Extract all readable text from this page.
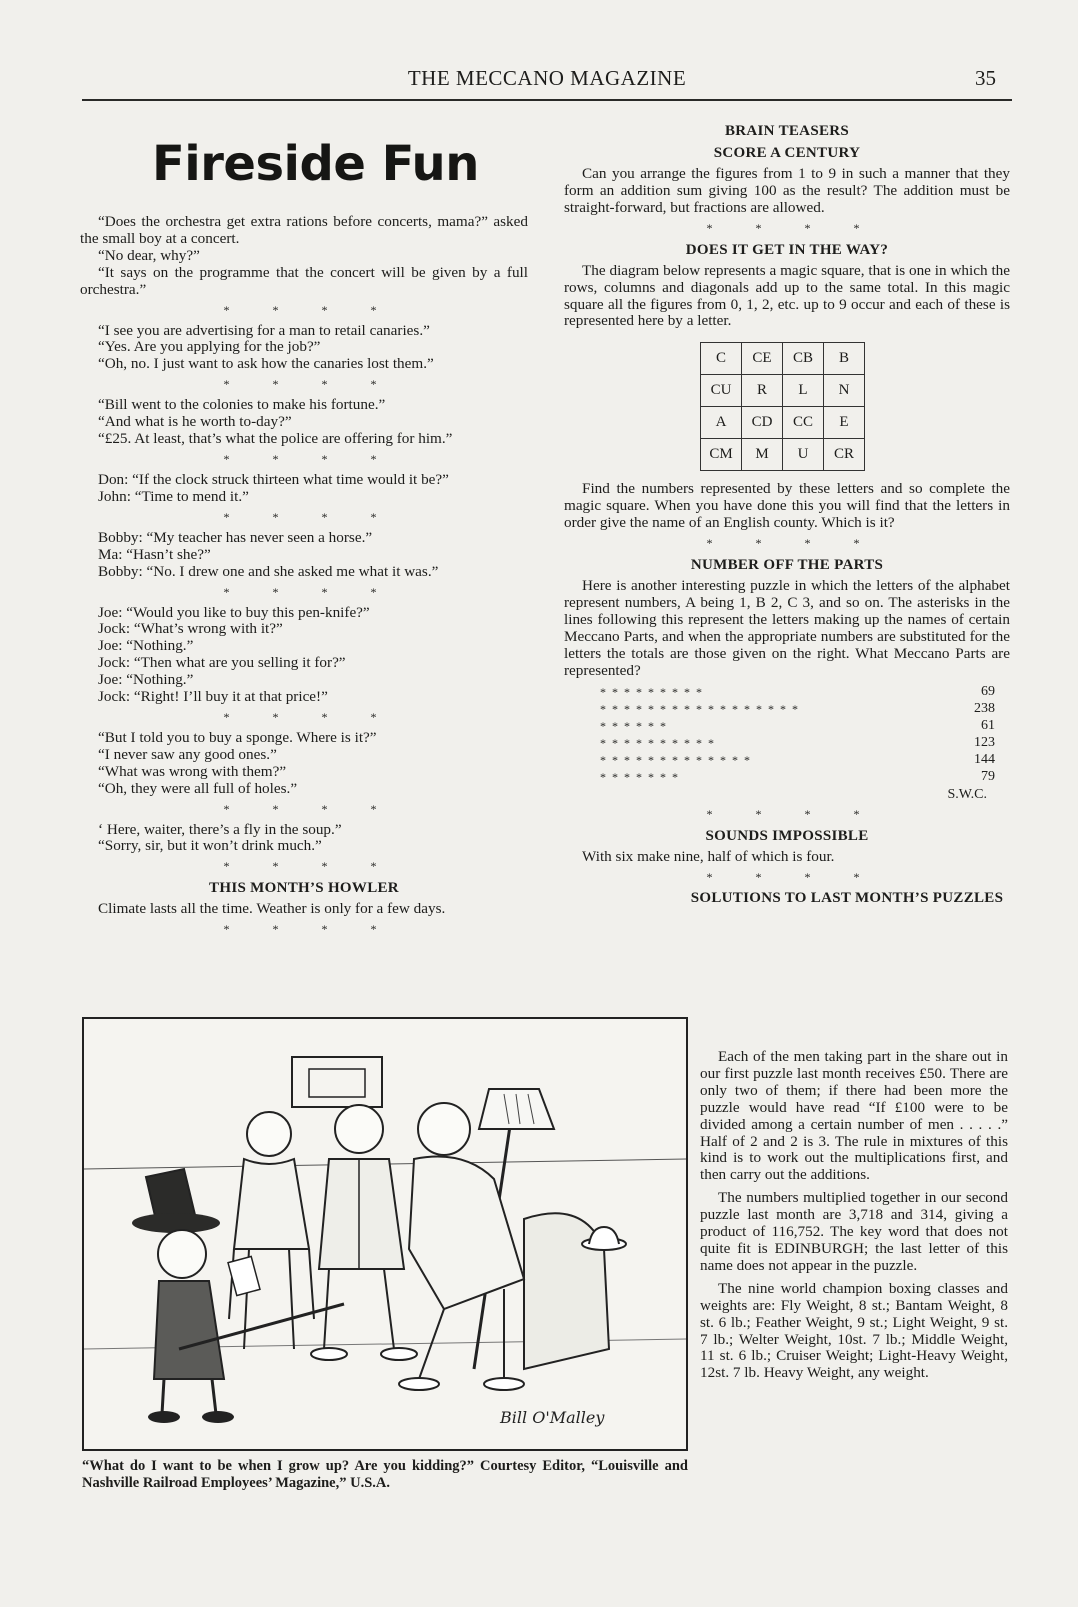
THE MECCANO MAGAZINE	35
Fireside Fun

“Does the orchestra get extra rations before concerts, mama?” asked the small boy at a concert.

“No dear, why?”

“It says on the programme that the concert will be given by a full orchestra.”

* * * *

“I see you are advertising for a man to retail canaries.”

“Yes. Are you applying for the job?”

“Oh, no. I just want to ask how the canaries lost them.”

* * * *

“Bill went to the colonies to make his fortune.”

“And what is he worth to-day?”

“£25. At least, that’s what the police are offering for him.”

* * * *

Don: “If the clock struck thirteen what time would it be?”

John: “Time to mend it.”

* * * *

Bobby: “My teacher has never seen a horse.”

Ma: “Hasn’t she?”

Bobby: “No. I drew one and she asked me what it was.”

* * * *

Joe: “Would you like to buy this pen-knife?”

Jock: “What’s wrong with it?”

Joe: “Nothing.”

Jock: “Then what are you selling it for?”

Joe: “Nothing.”

Jock: “Right! I’ll buy it at that price!”

* * * *

“But I told you to buy a sponge. Where is it?”

“I never saw any good ones.”

“What was wrong with them?”

“Oh, they were all full of holes.”

* * * *

‘ Here, waiter, there’s a fly in the soup.”

“Sorry, sir, but it won’t drink much.”

* * * *
THIS MONTH’S HOWLER

Climate lasts all the time. Weather is only for a few days.

* * * *
BRAIN TEASERS
SCORE A CENTURY

Can you arrange the figures from 1 to 9 in such a manner that they form an addition sum giving 100 as the result? The addition must be straight-forward, but fractions are allowed.

* * * *
DOES IT GET IN THE WAY?

The diagram below represents a magic square, that is one in which the rows, columns and diagonals add up to the same total. In this magic square all the figures from 0, 1, 2, etc. up to 9 occur and each of these is represented here by a letter.

C	CE	CB	B
CU	R	L	N
A	CD	CC	E
CM	M	U	CR

Find the numbers represented by these letters and so complete the magic square. When you have done this you will find that the letters in order give the name of an English county. Which is it?

* * * *
NUMBER OFF THE PARTS

Here is another interesting puzzle in which the letters of the alphabet represent numbers, A being 1, B 2, C 3, and so on. The asterisks in the lines following this represent the letters making up the names of certain Meccano Parts, and when the appropriate numbers are substituted for the letters the totals are those given on the right. What Meccano Parts are represented?

* * * * * * * * *	69
* * * * * * * * * * * * * * * * *	238
* * * * * *	61
* * * * * * * * * *	123
* * * * * * * * * * * * *	144
* * * * * * *	79
S.W.C.
* * * *
SOUNDS IMPOSSIBLE

With six make nine, half of which is four.

* * * *
SOLUTIONS TO LAST MONTH’S PUZZLES

Each of the men taking part in the share out in our first puzzle last month receives £50. There are only two of them; if there had been more the puzzle would have read “If £100 were to be divided among a certain number of men . . . . .” Half of 2 and 2 is 3. The rule in mixtures of this kind is to work out the multiplications first, and then carry out the additions.

The numbers multiplied together in our second puzzle last month are 3,718 and 314, giving a product of 116,752. The key word that does not quite fit is EDINBURGH; the last letter of this name does not appear in the puzzle.

The nine world champion boxing classes and weights are: Fly Weight, 8 st.; Bantam Weight, 8 st. 6 lb.; Feather Weight, 9 st.; Light Weight, 9 st. 7 lb.; Welter Weight, 10st. 7 lb.; Middle Weight, 11 st. 6 lb.; Cruiser Weight; Light-Heavy Weight, 12st. 7 lb. Heavy Weight, any weight.

Bill O'Malley
“What do I want to be when I grow up? Are you kidding?” Courtesy Editor, “Louisville and Nashville Railroad Employees’ Magazine,” U.S.A.
